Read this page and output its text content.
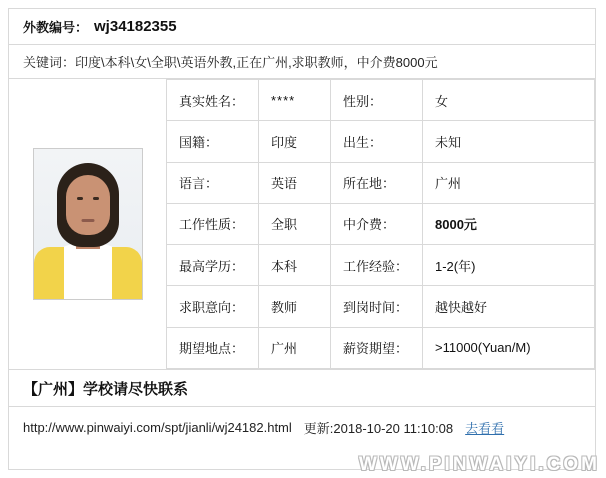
外教编号： wj34182355
关键词： 印度\本科\女\全职\英语外教,正在广州,求职教师，中介费8000元
真实姓名：	****	性别：	女
国籍：	印度	出生：	未知
语言：	英语	所在地：	广州
工作性质：	全职	中介费：	8000元
最高学历：	本科	工作经验：	1-2(年)
求职意向：	教师	到岗时间：	越快越好
期望地点：	广州	薪资期望：	>11000(Yuan/M)
【广州】学校请尽快联系
http://www.pinwaiyi.com/spt/jianli/wj24182.html 更新:2018-10-20 11:10:08 去看看
WWW.PINWAIYI.COM
